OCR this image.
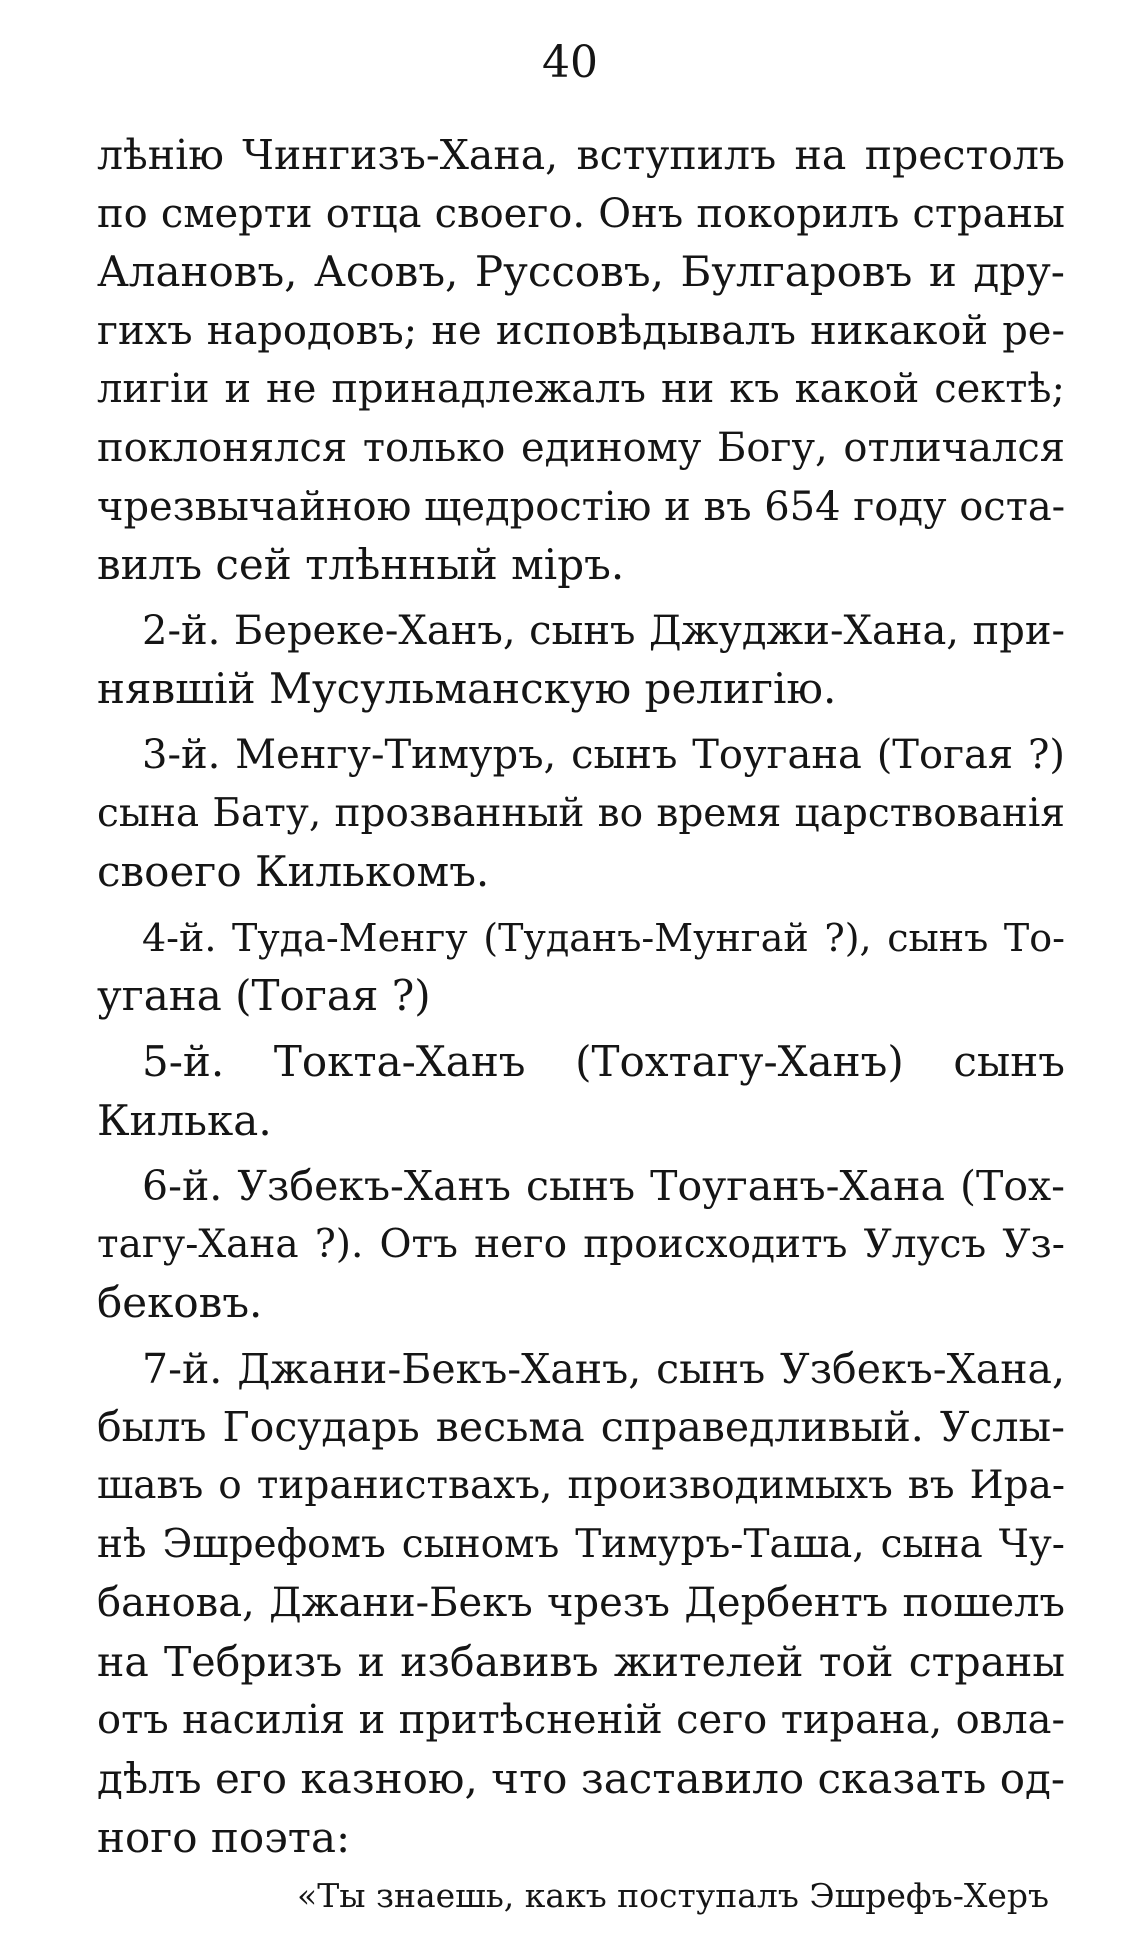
40
лѣнію Чингизъ-Хана, вступилъ на престолъ
по смерти отца своего. Онъ покорилъ страны
Алановъ, Асовъ, Руссовъ, Булгаровъ и дру-
гихъ народовъ; не исповѣдывалъ никакой ре-
лигіи и не принадлежалъ ни къ какой сектѣ;
поклонялся только единому Богу, отличался
чрезвычайною щедростію и въ 654 году оста-
вилъ сей тлѣнный міръ.
2-й. Береке-Ханъ, сынъ Джуджи-Хана, при-
нявшій Мусульманскую религію.
3-й. Менгу-Тимуръ, сынъ Тоугана (Тогая ?)
сына Бату, прозванный во время царствованія
своего Килькомъ.
4-й. Туда-Менгу (Туданъ-Мунгай ?), сынъ То-
угана (Тогая ?)
5-й. Токта-Ханъ (Тохтагу-Ханъ) сынъ
Килька.
6-й. Узбекъ-Ханъ сынъ Тоуганъ-Хана (Тох-
тагу-Хана ?). Отъ него происходитъ Улусъ Уз-
бековъ.
7-й. Джани-Бекъ-Ханъ, сынъ Узбекъ-Хана,
былъ Государь весьма справедливый. Услы-
шавъ о тираниствахъ, производимыхъ въ Ира-
нѣ Эшрефомъ сыномъ Тимуръ-Таша, сына Чу-
банова, Джани-Бекъ чрезъ Дербентъ пошелъ
на Тебризъ и избавивъ жителей той страны
отъ насилія и притѣсненій сего тирана, овла-
дѣлъ его казною, что заставило сказать од-
ного поэта:
«Ты знаешь, какъ поступалъ Эшрефъ-Херъ
